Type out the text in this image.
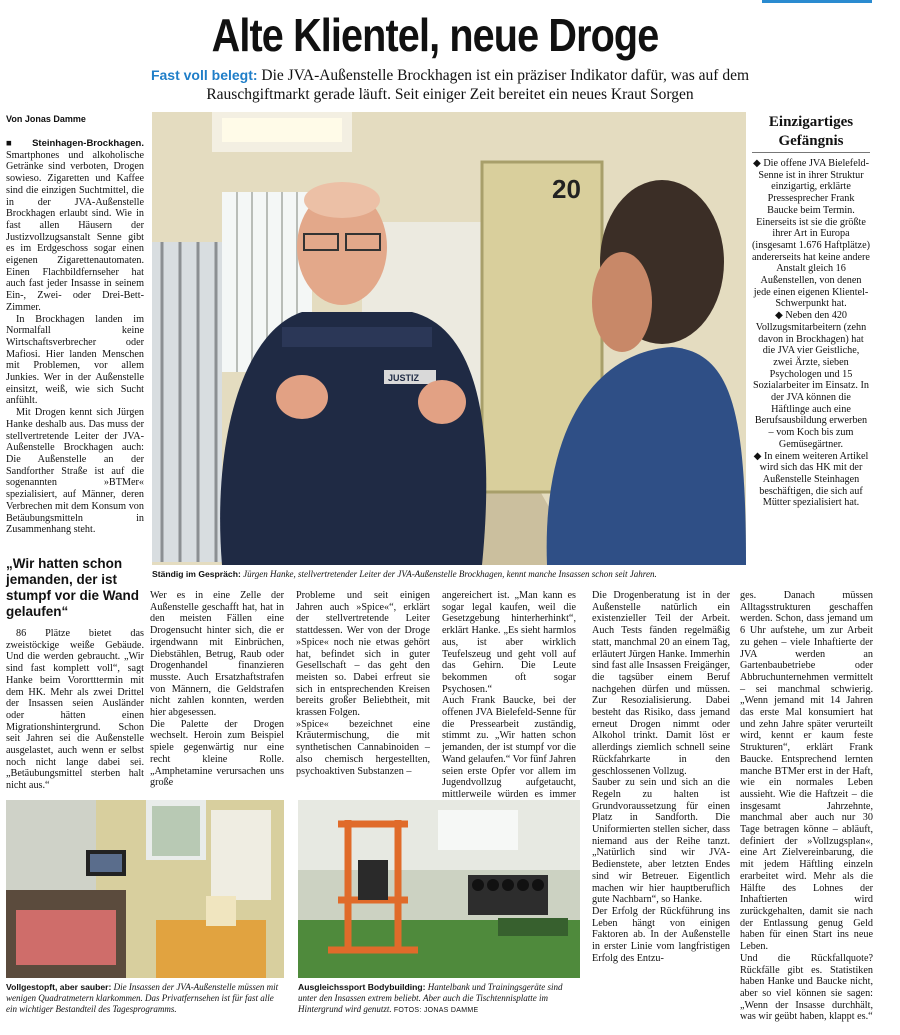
Alte Klientel, neue Droge
Fast voll belegt: Die JVA-Außenstelle Brockhagen ist ein präziser Indikator dafür, was auf dem Rauschgiftmarkt gerade läuft. Seit einiger Zeit bereitet ein neues Kraut Sorgen
Von Jonas Damme

■ Steinhagen-Brockhagen. Smartphones und alkoholische Getränke sind verboten, Drogen sowieso. Zigaretten und Kaffee sind die einzigen Suchtmittel, die in der JVA-Außenstelle Brockhagen erlaubt sind. Wie in fast allen Häusern der Justizvollzugsanstalt Senne gibt es im Erdgeschoss sogar einen eigenen Zigarettenautomaten. Einen Flachbildfernseher hat auch fast jeder Insasse in seinem Ein-, Zwei- oder Drei-Bett-Zimmer.

In Brockhagen landen im Normalfall keine Wirtschaftsverbrecher oder Mafiosi. Hier landen Menschen mit Problemen, vor allem Junkies. Wer in der Außenstelle einsitzt, weiß, wie sich Sucht anfühlt.

Mit Drogen kennt sich Jürgen Hanke deshalb aus. Das muss der stellvertretende Leiter der JVA-Außenstelle Brockhagen auch: Die Außenstelle an der Sandforther Straße ist auf die sogenannten »BTMer« spezialisiert, auf Männer, deren Verbrechen mit dem Konsum von Betäubungsmitteln in Zusammenhang steht.

„Wir hatten schon jemanden, der ist stumpf vor die Wand gelaufen“

86 Plätze bietet das zweistöckige weiße Gebäude. Und die werden gebraucht. „Wir sind fast komplett voll“, sagt Hanke beim Vorortttermin mit dem HK. Mehr als zwei Drittel der Insassen seien Ausländer oder hätten einen Migrationshintergrund. Schon seit Jahren sei die Außenstelle ausgelastet, auch wenn er selbst noch nicht lange dabei sei. „Betäubungsmittel sterben halt nicht aus.“

20
JUSTIZ
Ständig im Gespräch: Jürgen Hanke, stellvertretender Leiter der JVA-Außenstelle Brockhagen, kennt manche Insassen schon seit Jahren.
Wer es in eine Zelle der Außenstelle geschafft hat, hat in den meisten Fällen eine Drogensucht hinter sich, die er irgendwann mit Einbrüchen, Diebstählen, Betrug, Raub oder Drogenhandel finanzieren musste. Auch Ersatzhaftstrafen von Männern, die Geldstrafen nicht zahlen konnten, werden hier abgesessen.
Die Palette der Drogen wechselt. Heroin zum Beispiel spiele gegenwärtig nur eine recht kleine Rolle. „Amphetamine verursachen uns große
Probleme und seit einigen Jahren auch »Spice«“, erklärt der stellvertretende Leiter stattdessen. Wer von der Droge »Spice« noch nie etwas gehört hat, befindet sich in guter Gesellschaft – das geht den meisten so. Dabei erfreut sie sich in entsprechenden Kreisen bereits großer Beliebtheit, mit krassen Folgen.
»Spice« bezeichnet eine Kräutermischung, die mit synthetischen Cannabinoiden – also chemisch hergestellten, psychoaktiven Substanzen –
angereichert ist. „Man kann es sogar legal kaufen, weil die Gesetzgebung hinterherhinkt“, erklärt Hanke. „Es sieht harmlos aus, ist aber wirklich Teufelszeug und geht voll auf das Gehirn. Die Leute bekommen oft sogar Psychosen.“
Auch Frank Baucke, bei der offenen JVA Bielefeld-Senne für die Pressearbeit zuständig, stimmt zu. „Wir hatten schon jemanden, der ist stumpf vor die Wand gelaufen.“ Vor fünf Jahren seien erste Opfer vor allem im Jugendvollzug aufgetaucht, mittlerweile würden es immer
Die Drogenberatung ist in der Außenstelle natürlich ein existenzieller Teil der Arbeit. Auch Tests fänden regelmäßig statt, manchmal 20 an einem Tag, erläutert Jürgen Hanke. Immerhin sind fast alle Insassen Freigänger, die tagsüber einem Beruf nachgehen dürfen und müssen. Zur Resozialisierung. Dabei besteht das Risiko, dass jemand erneut Drogen nimmt oder Alkohol trinkt. Damit löst er allerdings ziemlich schnell seine Rückfahrkarte in den geschlossenen Vollzug.
Sauber zu sein und sich an die Regeln zu halten ist Grundvoraussetzung für einen Platz in Sandforth. Die Uniformierten stellen sicher, dass niemand aus der Reihe tanzt. „Natürlich sind wir JVA-Bedienstete, aber letzten Endes sind wir Betreuer. Eigentlich machen wir hier hauptberuflich gute Nachbarn“, so Hanke.
Der Erfolg der Rückführung ins Leben hängt von einigen Faktoren ab. In der Außenstelle in erster Linie vom langfristigen Erfolg des Entzu-
ges. Danach müssen Alltagsstrukturen geschaffen werden. Schon, dass jemand um 6 Uhr aufstehe, um zur Arbeit zu gehen – viele Inhaftierte der JVA werden an Gartenbaubetriebe oder Abbruchunternehmen vermittelt – sei manchmal schwierig. „Wenn jemand mit 14 Jahren das erste Mal konsumiert hat und zehn Jahre später verurteilt wird, kennt er kaum feste Strukturen“, erklärt Frank Baucke. Entsprechend lernten manche BTMer erst in der Haft, wie ein normales Leben aussieht. Wie die Haftzeit – die insgesamt Jahrzehnte, manchmal aber auch nur 30 Tage betragen könne – abläuft, definiert der »Vollzugsplan«, eine Art Zielvereinbarung, die mit jedem Häftling einzeln erarbeitet wird. Mehr als die Hälfte des Lohnes der Inhaftierten wird zurückgehalten, damit sie nach der Entlassung genug Geld haben für einen Start ins neue Leben.
Und die Rückfallquote? Rückfälle gibt es. Statistiken haben Hanke und Baucke nicht, aber so viel können sie sagen: „Wenn der Insasse durchhält, was wir geübt haben, klappt es.“
Einzigartiges Gefängnis
◆ Die offene JVA Bielefeld-Senne ist in ihrer Struktur einzigartig, erklärte Pressesprecher Frank Baucke beim Termin. Einerseits ist sie die größte ihrer Art in Europa (insgesamt 1.676 Haftplätze) andererseits hat keine andere Anstalt gleich 16 Außenstellen, von denen jede einen eigenen Klientel-Schwerpunkt hat.
◆ Neben den 420 Vollzugsmitarbeitern (zehn davon in Brockhagen) hat die JVA vier Geistliche, zwei Ärzte, sieben Psychologen und 15 Sozialarbeiter im Einsatz. In der JVA können die Häftlinge auch eine Berufsausbildung erwerben – vom Koch bis zum Gemüsegärtner.
◆ In einem weiteren Artikel wird sich das HK mit der Außenstelle Steinhagen beschäftigen, die sich auf Mütter spezialisiert hat.
Vollgestopft, aber sauber: Die Insassen der JVA-Außenstelle müssen mit wenigen Quadratmetern klarkommen. Das Privatfernsehen ist für fast alle ein wichtiger Bestandteil des Tagesprogramms.
Ausgleichssport Bodybuilding: Hantelbank und Trainingsgeräte sind unter den Insassen extrem beliebt. Aber auch die Tischtennisplatte im Hintergrund wird genutzt. FOTOS: JONAS DAMME
